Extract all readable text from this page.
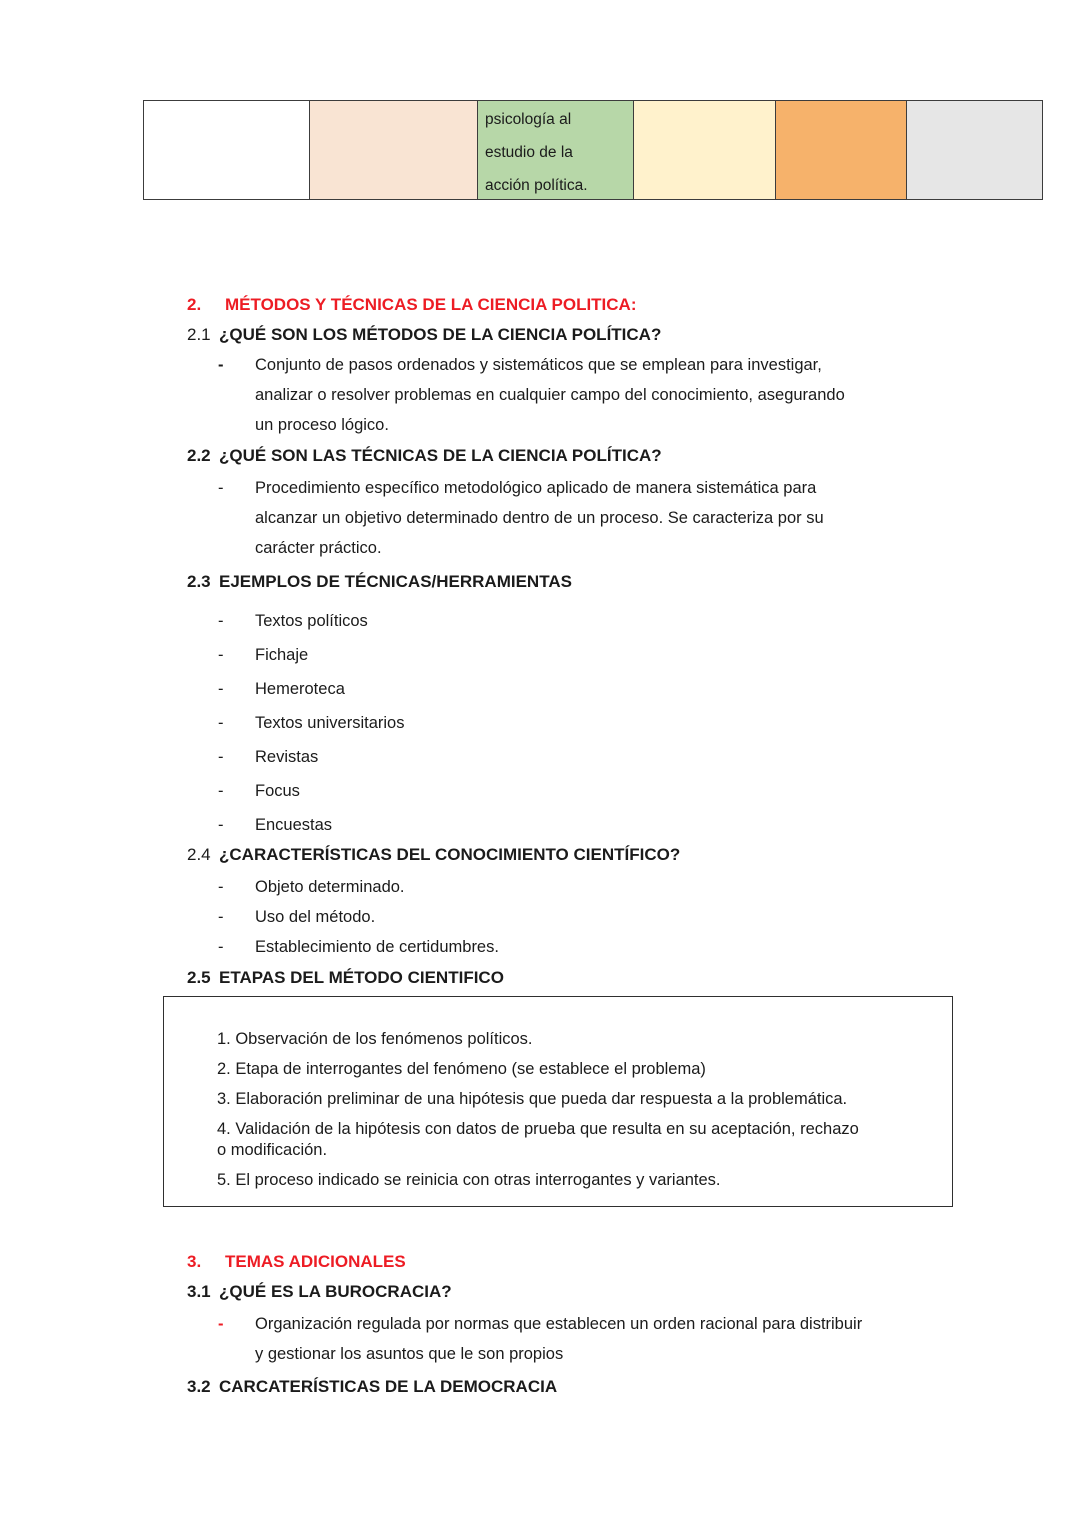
psicología al
estudio de la
acción política.
2.	MÉTODOS Y TÉCNICAS DE LA CIENCIA POLITICA:
2.1 ¿QUÉ SON LOS MÉTODOS DE LA CIENCIA POLÍTICA?
-	Conjunto de pasos ordenados y sistemáticos que se emplean para investigar,
analizar o resolver problemas en cualquier campo del conocimiento, asegurando
un proceso lógico.
2.2 ¿QUÉ SON LAS TÉCNICAS DE LA CIENCIA POLÍTICA?
-	Procedimiento específico metodológico aplicado de manera sistemática para
alcanzar un objetivo determinado dentro de un proceso. Se caracteriza por su
carácter práctico.
2.3 EJEMPLOS DE TÉCNICAS/HERRAMIENTAS
-	Textos políticos
-	Fichaje
-	Hemeroteca
-	Textos universitarios
-	Revistas
-	Focus
-	Encuestas
2.4 ¿CARACTERÍSTICAS DEL CONOCIMIENTO CIENTÍFICO?
-	Objeto determinado.
-	Uso del método.
-	Establecimiento de certidumbres.
2.5 ETAPAS DEL MÉTODO CIENTIFICO

1. Observación de los fenómenos políticos.

2. Etapa de interrogantes del fenómeno (se establece el problema)

3. Elaboración preliminar de una hipótesis que pueda dar respuesta a la problemática.

4. Validación de la hipótesis con datos de prueba que resulta en su aceptación, rechazo
o modificación.

5. El proceso indicado se reinicia con otras interrogantes y variantes.

3.	TEMAS ADICIONALES
3.1 ¿QUÉ ES LA BUROCRACIA?
-	Organización regulada por normas que establecen un orden racional para distribuir
y gestionar los asuntos que le son propios
3.2 CARCATERÍSTICAS DE LA DEMOCRACIA
